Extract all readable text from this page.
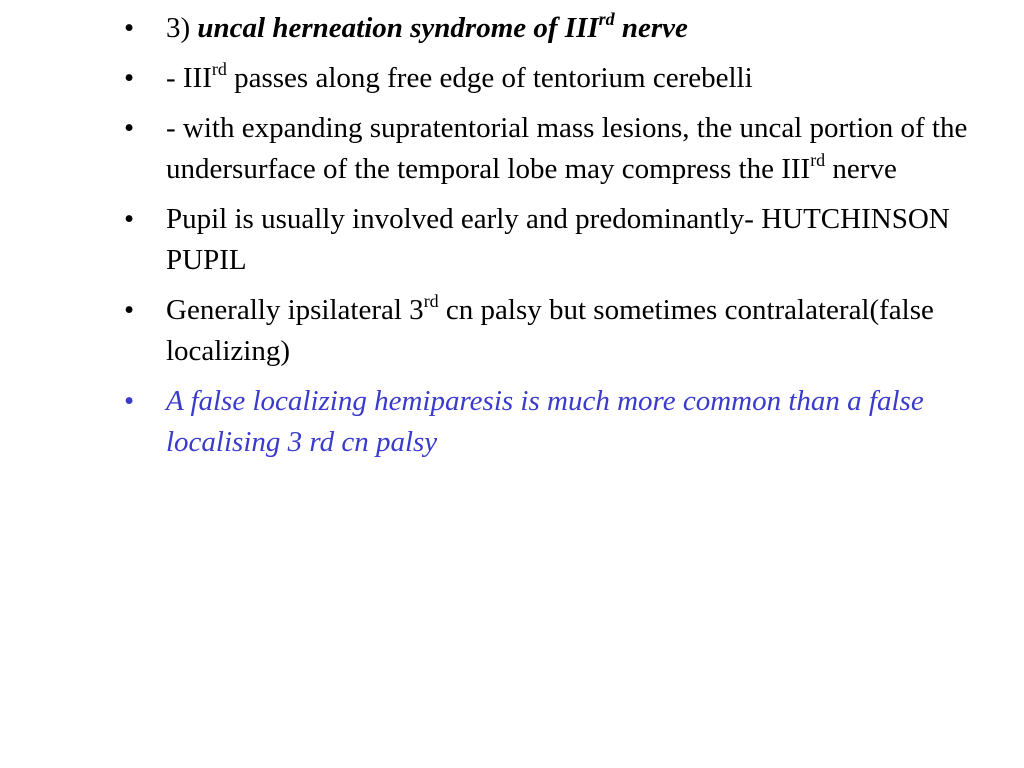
•	3) uncal herneation syndrome of IIIrd nerve
•	- IIIrd passes along free edge of tentorium cerebelli
•	- with expanding supratentorial mass lesions, the uncal portion of the undersurface of the temporal lobe may compress the IIIrd nerve
•	Pupil is usually involved early and predominantly- HUTCHINSON PUPIL
•	Generally ipsilateral 3rd cn palsy but sometimes contralateral(false localizing)
•	A false localizing hemiparesis is much more common than a false localising 3 rd cn palsy
